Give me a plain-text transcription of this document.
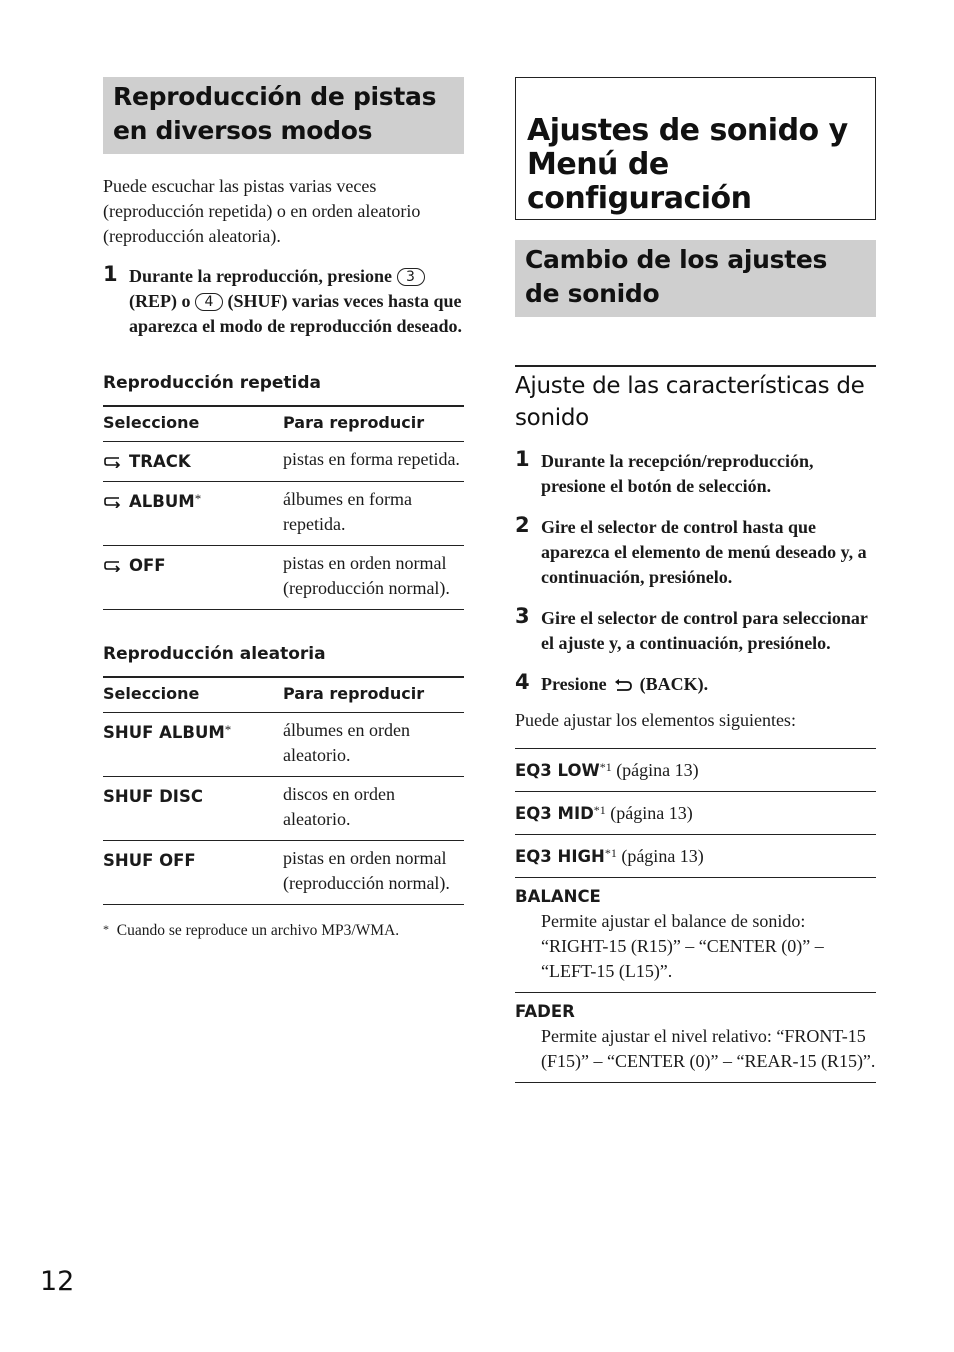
Reproducción de pistas en diversos modos
Puede escuchar las pistas varias veces (reproducción repetida) o en orden aleatorio (reproducción aleatoria).
1 Durante la reproducción, presione 3 (REP) o 4 (SHUF) varias veces hasta que aparezca el modo de reproducción deseado.
Reproducción repetida
Seleccione	Para reproducir
TRACK	pistas en forma repetida.
ALBUM*	álbumes en forma repetida.
OFF	pistas en orden normal (reproducción normal).
Reproducción aleatoria
Seleccione	Para reproducir
SHUF ALBUM*	álbumes en orden aleatorio.
SHUF DISC	discos en orden aleatorio.
SHUF OFF	pistas en orden normal (reproducción normal).
* Cuando se reproduce un archivo MP3/WMA.
Ajustes de sonido y Menú de configuración
Cambio de los ajustes de sonido
Ajuste de las características de sonido
1 Durante la recepción/reproducción, presione el botón de selección.
2 Gire el selector de control hasta que aparezca el elemento de menú deseado y, a continuación, presiónelo.
3 Gire el selector de control para seleccionar el ajuste y, a continuación, presiónelo.
4 Presione (BACK).
Puede ajustar los elementos siguientes:
EQ3 LOW$^{*1}$ (página 13)
EQ3 MID$^{*1}$ (página 13)
EQ3 HIGH$^{*1}$ (página 13)
BALANCE
Permite ajustar el balance de sonido: “RIGHT-15 (R15)” – “CENTER (0)” – “LEFT-15 (L15)”.
FADER
Permite ajustar el nivel relativo: “FRONT-15 (F15)” – “CENTER (0)” – “REAR-15 (R15)”.
12
